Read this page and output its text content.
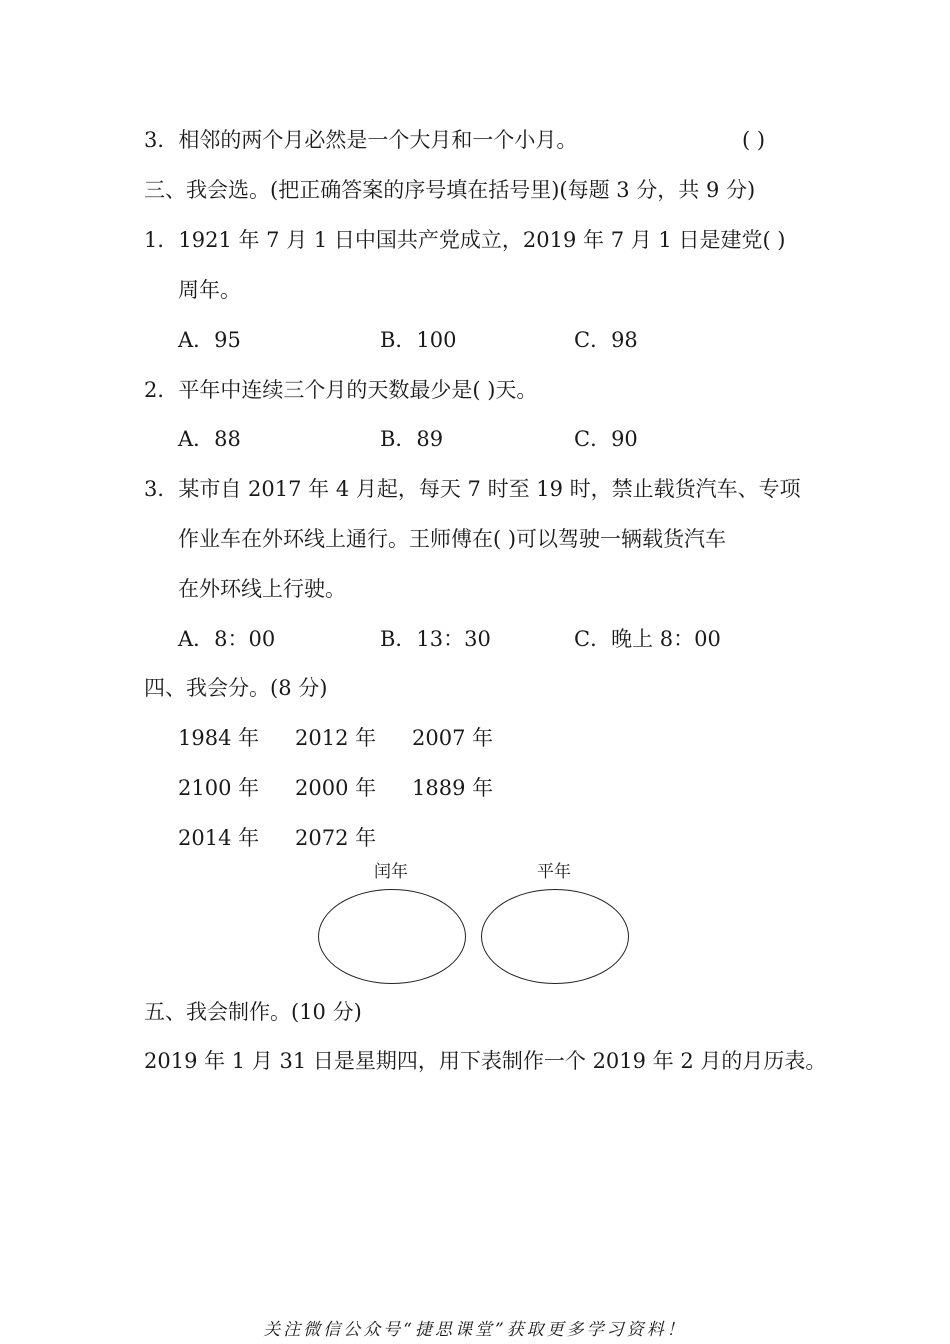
3．相邻的两个月必然是一个大月和一个小月。	( )
三、我会选。(把正确答案的序号填在括号里)(每题 3 分，共 9 分)
1．1921 年 7 月 1 日中国共产党成立，2019 年 7 月 1 日是建党( )
周年。
A．95	B．100	C．98
2．平年中连续三个月的天数最少是( )天。
A．88	B．89	C．90
3．某市自 2017 年 4 月起，每天 7 时至 19 时，禁止载货汽车、专项
作业车在外环线上通行。王师傅在( )可以驾驶一辆载货汽车
在外环线上行驶。
A．8：00	B．13：30	C．晚上 8：00
四、我会分。(8 分)
1984 年 2012 年 2007 年
2100 年 2000 年 1889 年
2014 年 2072 年
闰年	平年
五、我会制作。(10 分)
2019 年 1 月 31 日是星期四，用下表制作一个 2019 年 2 月的月历表。
关注微信公众号“捷思课堂”获取更多学习资料！
